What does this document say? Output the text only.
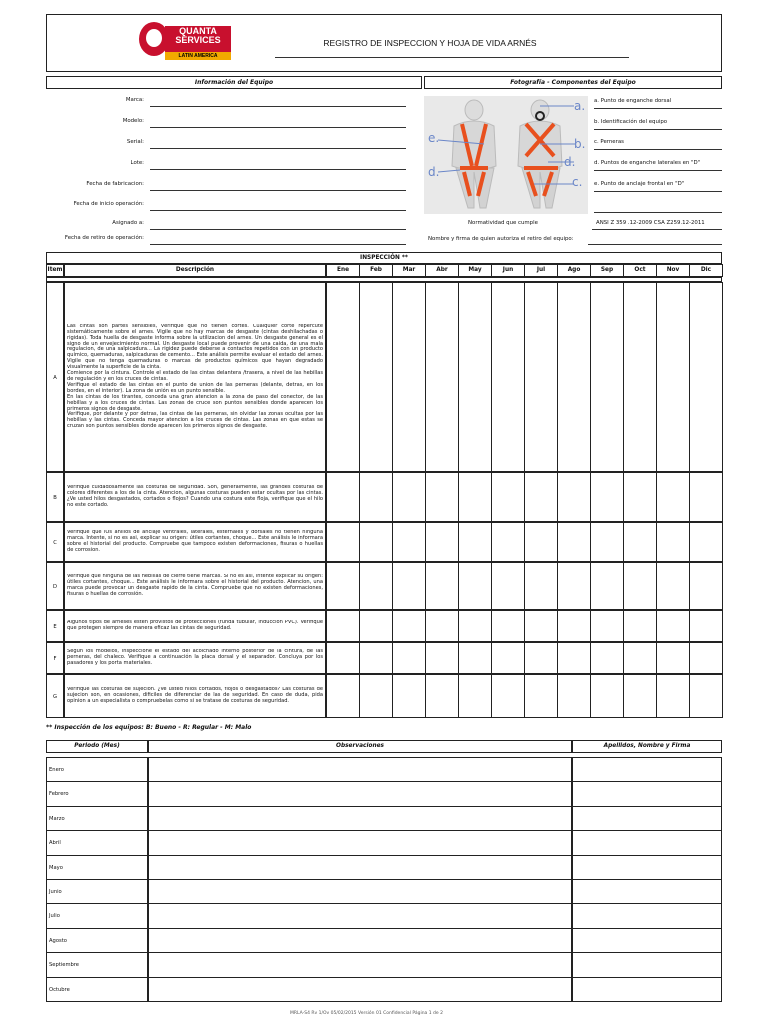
QUANTA
SERVICES
LATIN AMERICA
REGISTRO DE INSPECCION Y HOJA DE VIDA ARNÉS
Información del Equipo	Fotografía - Componentes del Equipo
Marca:
Modelo:
Serial:
Lote:
Fecha de fabricacion:
Fecha de inicio operación:
Asignado a:
Fecha de retiro de operación:
a.
b.
c.
d.
e.
d.
a. Punto de enganche dorsal
b. Identificación del equipo
c. Perneras
d. Puntos de enganche laterales en "D"
e. Punto de anclaje frontal en "D"
Normatividad que cumple	ANSI Z 359 .12-2009 CSA Z259.12-2011
Nombre y firma de quien autoriza el retiro del equipo:
INSPECCIÓN **
Item	Descripción	Ene	Feb	Mar	Abr	May	Jun	Jul	Ago	Sep	Oct	Nov	Dic
A
Las cintas son partes sensibles, verifique que no tienen cortes. Cualquier corte repercute sistemáticamente sobre el arnes. Vigile que no hay marcas de desgaste (cintas deshilachadas o rigidas). Toda huella de desgaste informa sobre la utilizacion del arnes. Un desgaste general es el signo de un envejecimiento normal. Un desgaste local puede provenir de una caida, de una mala regulacion, de una salpicadura... La rigidez puede deberse a contactos repetidos con un producto químico, quemaduras, salpicaduras de cemento... Este análisis permite evaluar el estado del arnes. Vigile que no tenga quemaduras o marcas de productos químicos que hayan degradado visualmente la superficie de la cinta.
Comience por la cintura. Controle el estado de las cintas delantera /trasera, a nivel de las hebillas de regulación y en los cruces de cintas.
Verifique el estado de las cintas en el punto de union de las perneras (delante, detras, en los bordes, en el interior). La zona de unión es un punto sensible.
En las cintas de los tirantes, conceda una gran atencion a la zona de paso del conector, de las hebillas y a los cruces de cintas. Las zonas de cruce son puntos sensibles donde aparecen los primeros signos de desgaste.
Verifique, por delante y por detras, las cintas de las perneras, sin olvidar las zonas ocultas por las hebillas y las cintas. Conceda mayor atencion a los cruces de cintas. Las zonas en que estas se cruzan son puntos sensibles donde aparecen los primeros signos de desgaste.
B
Verifique cuidadosamente las costuras de seguridad. Son, generalmente, las grandes costuras de colores diferentes a los de la cinta. Atencion, algunas costuras pueden estar ocultas por las cintas. ¿Ve usted hilos desgastados, cortados o flojos? Cuando una costura este floja, verifique que el hilo no este cortado.
C
Verifique que lOs anillos de anclaje ventrales, laterales, esternales y dorsales no tienen ninguna marca. Intente, si no es asi, explicar su origen: útiles cortantes, choque... Este análisis le informara sobre el historial del producto. Compruebe que tampoco existen deformaciones, fisuras o huellas de corrosion.
D
Verifique que ninguna de las hebillas de cierre tiene marcas. Si no es asi, intente explicar su origen: útiles cortantes, choque... Este análisis le informara sobre el historial del producto. Atencion, una marca puede provocar un desgaste rapido de la cinta. Compruebe que no existen deformaciones, fisuras o huellas de corrosión.
E
Algunos tipos de arneses estén provistos de protecciones (funda tubular, inducción PVC). Verifique que protegen siempre de manera eficaz las cintas de seguridad.
F
Según los modelos, inspeccione el estado del acolchado interno posterior de la cintura, de las perneras, del chaleco. Verifique a continuación la placa dorsal y el separador. Concluya por los pasadores y los porta materiales.
G
Verifique las costuras de sujecion. ¿Ve usted hilos cortados, flojos o desgastados? Las costuras de sujecion son, en ocasiones, dificiles de diferenciar de las de seguridad. En caso de duda, pida opinion a un especialista o compruebelas como si se tratase de costuras de seguridad.
** Inspección de los equipos: B: Bueno - R: Regular - M: Malo
Periodo (Mes)	Observaciones	Apellidos, Nombre y Firma
Enero
Febrero
Marzo
Abril
Mayo
Junio
Julio
Agosto
Septiembre
Octubre
MRLA-S4 Rv 1/Ov 05/02/2015 Versión 01 Confidencial Página 1 de 2
